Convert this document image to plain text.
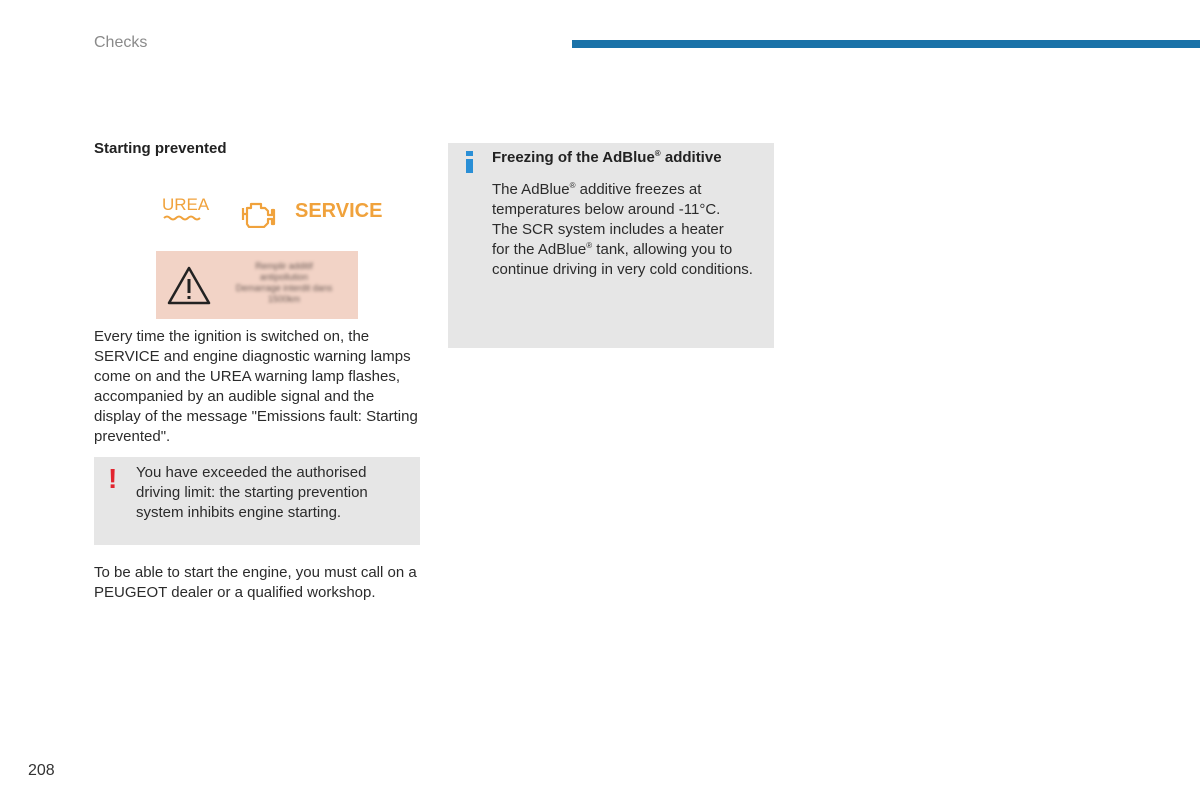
Checks
Starting prevented
UREA	SERVICE
Remplir additif
antipollution
Demarrage interdit dans
1500km

Every time the ignition is switched on, the SERVICE and engine diagnostic warning lamps come on and the UREA warning lamp flashes, accompanied by an audible signal and the display of the message "Emissions fault: Starting prevented".

! You have exceeded the authorised driving limit: the starting prevention system inhibits engine starting.

To be able to start the engine, you must call on a PEUGEOT dealer or a qualified workshop.

Freezing of the AdBlue® additive
The AdBlue® additive freezes at
temperatures below around -11°C.
The SCR system includes a heater
for the AdBlue® tank, allowing you to
continue driving in very cold conditions.
208
